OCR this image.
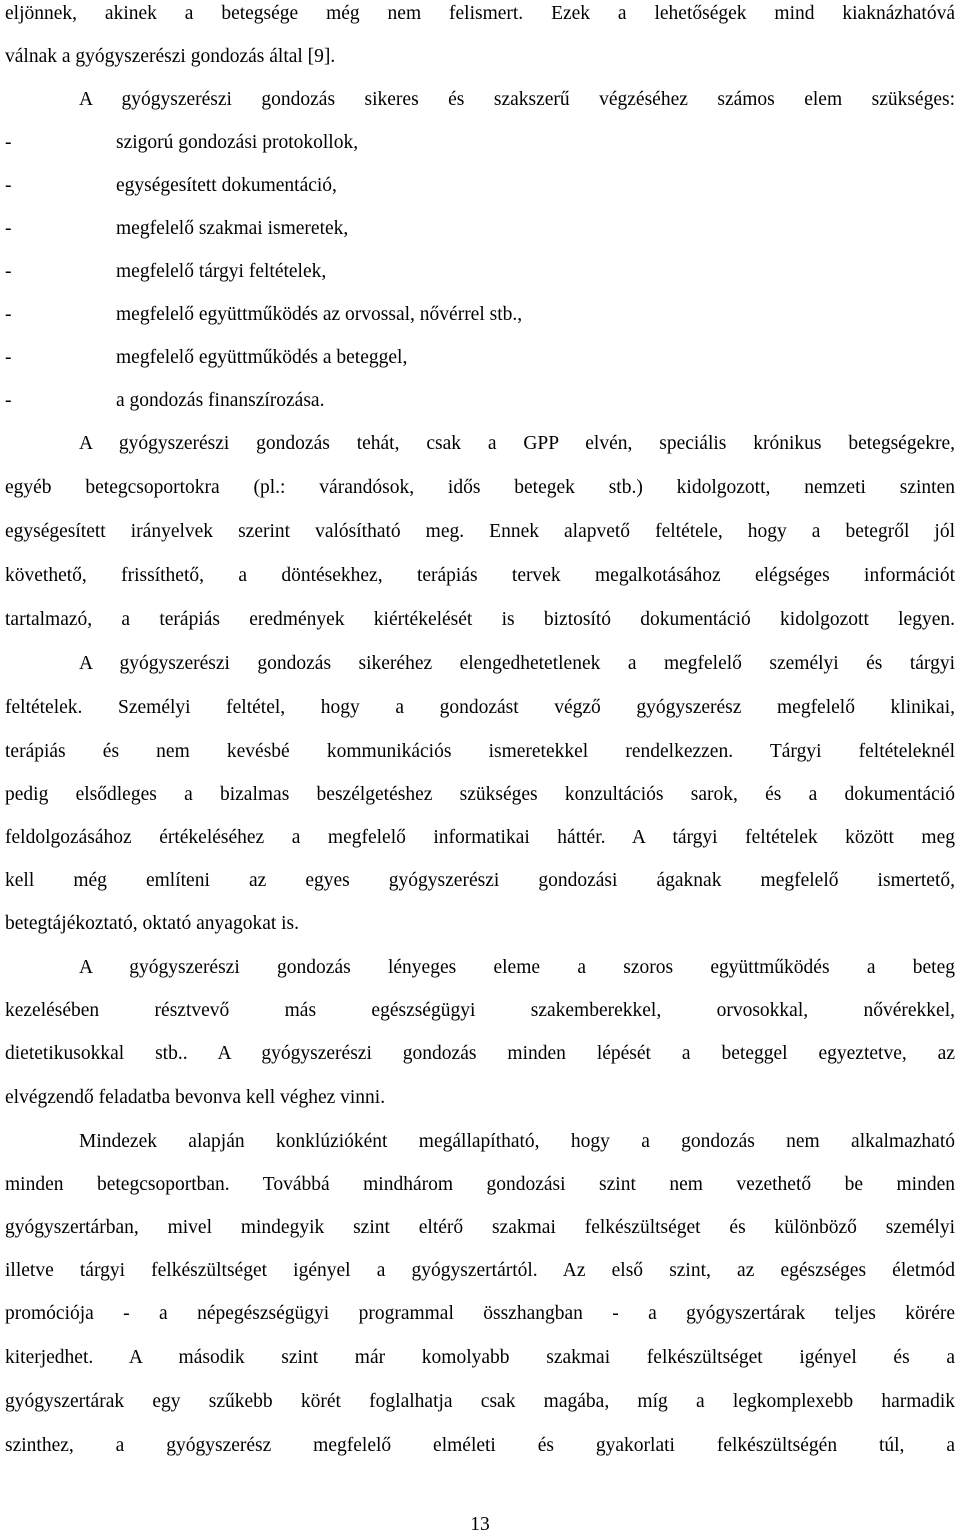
eljönnek, akinek a betegsége még nem felismert. Ezek a lehetőségek mind kiaknázhatóvá

válnak a gyógyszerészi gondozás által [9].

A gyógyszerészi gondozás sikeres és szakszerű végzéséhez számos elem szükséges:

-	szigorú gondozási protokollok,
-	egységesített dokumentáció,
-	megfelelő szakmai ismeretek,
-	megfelelő tárgyi feltételek,
-	megfelelő együttműködés az orvossal, nővérrel stb.,
-	megfelelő együttműködés a beteggel,
-	a gondozás finanszírozása.

A gyógyszerészi gondozás tehát, csak a GPP elvén, speciális krónikus betegségekre,

egyéb betegcsoportokra (pl.: várandósok, idős betegek stb.) kidolgozott, nemzeti szinten

egységesített irányelvek szerint valósítható meg. Ennek alapvető feltétele, hogy a betegről jól

követhető, frissíthető, a döntésekhez, terápiás tervek megalkotásához elégséges információt

tartalmazó, a terápiás eredmények kiértékelését is biztosító dokumentáció kidolgozott legyen.

A gyógyszerészi gondozás sikeréhez elengedhetetlenek a megfelelő személyi és tárgyi

feltételek. Személyi feltétel, hogy a gondozást végző gyógyszerész megfelelő klinikai,

terápiás és nem kevésbé kommunikációs ismeretekkel rendelkezzen. Tárgyi feltételeknél

pedig elsődleges a bizalmas beszélgetéshez szükséges konzultációs sarok, és a dokumentáció

feldolgozásához értékeléséhez a megfelelő informatikai háttér. A tárgyi feltételek között meg

kell még említeni az egyes gyógyszerészi gondozási ágaknak megfelelő ismertető,

betegtájékoztató, oktató anyagokat is.

A gyógyszerészi gondozás lényeges eleme a szoros együttműködés a beteg

kezelésében résztvevő más egészségügyi szakemberekkel, orvosokkal, nővérekkel,

dietetikusokkal stb.. A gyógyszerészi gondozás minden lépését a beteggel egyeztetve, az

elvégzendő feladatba bevonva kell véghez vinni.

Mindezek alapján konklúzióként megállapítható, hogy a gondozás nem alkalmazható

minden betegcsoportban. Továbbá mindhárom gondozási szint nem vezethető be minden

gyógyszertárban, mivel mindegyik szint eltérő szakmai felkészültséget és különböző személyi

illetve tárgyi felkészültséget igényel a gyógyszertártól. Az első szint, az egészséges életmód

promóciója - a népegészségügyi programmal összhangban - a gyógyszertárak teljes körére

kiterjedhet. A második szint már komolyabb szakmai felkészültséget igényel és a

gyógyszertárak egy szűkebb körét foglalhatja csak magába, míg a legkomplexebb harmadik

szinthez, a gyógyszerész megfelelő elméleti és gyakorlati felkészültségén túl, a

13
